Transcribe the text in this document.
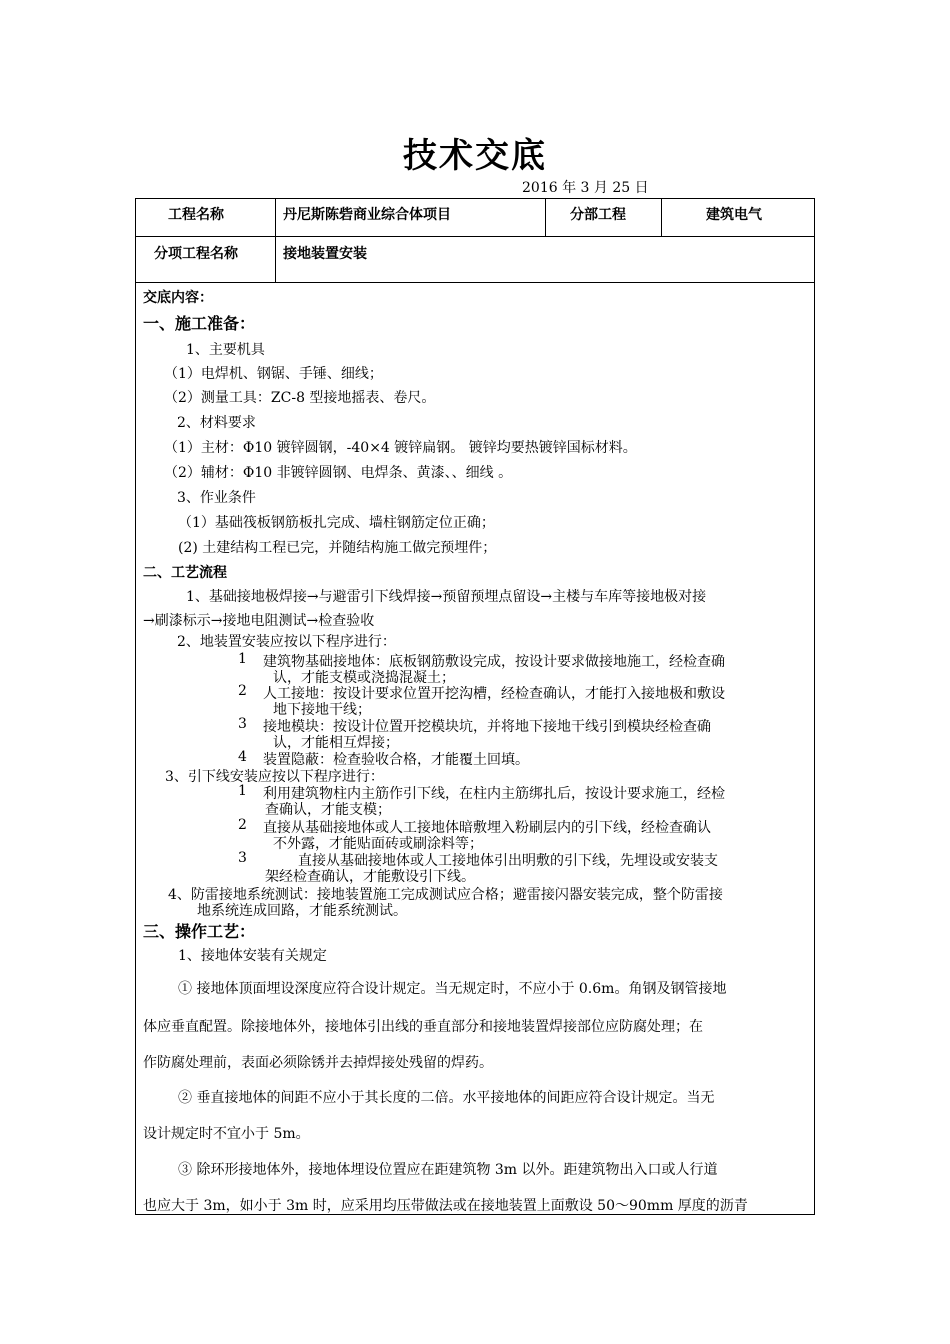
技术交底
2016 年 3 月 25 日
工程名称	丹尼斯陈砦商业综合体项目	分部工程	建筑电气
分项工程名称	接地装置安装
交底内容：
一、施工准备：
1、主要机具
（1）电焊机、钢锯、手锤、细线；
（2）测量工具：ZC-8 型接地摇表、卷尺。
2、材料要求
（1）主材：Φ10 镀锌圆钢，-40×4 镀锌扁钢。 镀锌均要热镀锌国标材料。
（2）辅材：Φ10 非镀锌圆钢、电焊条、黄漆、、细线 。
3、作业条件
（1）基础筏板钢筋板扎完成、墙柱钢筋定位正确；
(2) 土建结构工程已完，并随结构施工做完预埋件；
二、工艺流程
1、基础接地极焊接→与避雷引下线焊接→预留预埋点留设→主楼与车库等接地极对接
→刷漆标示→接地电阻测试→检查验收
2、地装置安装应按以下程序进行：
1 建筑物基础接地体：底板钢筋敷设完成，按设计要求做接地施工，经检查确
认，才能支模或浇捣混凝土；
2 人工接地：按设计要求位置开挖沟槽，经检查确认，才能打入接地极和敷设
地下接地干线；
3 接地模块：按设计位置开挖模块坑，并将地下接地干线引到模块经检查确
认，才能相互焊接；
4 装置隐蔽：检查验收合格，才能覆土回填。
3、引下线安装应按以下程序进行：
1 利用建筑物柱内主筋作引下线，在柱内主筋绑扎后，按设计要求施工，经检
查确认，才能支模；
2 直接从基础接地体或人工接地体暗敷埋入粉刷层内的引下线，经检查确认
不外露，才能贴面砖或刷涂料等；
3	直接从基础接地体或人工接地体引出明敷的引下线，先埋设或安装支
架经检查确认，才能敷设引下线。
4、防雷接地系统测试：接地装置施工完成测试应合格；避雷接闪器安装完成，整个防雷接
地系统连成回路，才能系统测试。
三、操作工艺：
1、接地体安装有关规定
① 接地体顶面埋设深度应符合设计规定。当无规定时，不应小于 0.6m。角钢及钢管接地
体应垂直配置。除接地体外，接地体引出线的垂直部分和接地装置焊接部位应防腐处理；在
作防腐处理前，表面必须除锈并去掉焊接处残留的焊药。
② 垂直接地体的间距不应小于其长度的二倍。水平接地体的间距应符合设计规定。当无
设计规定时不宜小于 5m。
③ 除环形接地体外，接地体埋设位置应在距建筑物 3m 以外。距建筑物出入口或人行道
也应大于 3m，如小于 3m 时，应采用均压带做法或在接地装置上面敷设 50～90mm 厚度的沥青
